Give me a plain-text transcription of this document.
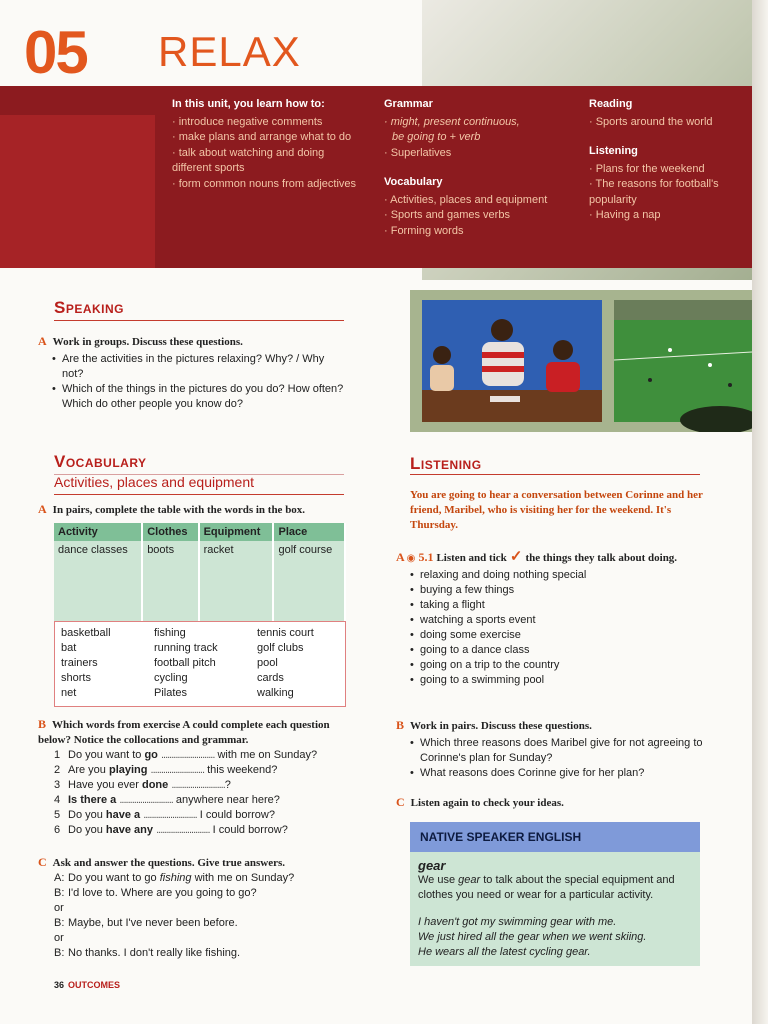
05 RELAX
In this unit, you learn how to:
· introduce negative comments
· make plans and arrange what to do
· talk about watching and doing different sports
· form common nouns from adjectives
Grammar
· might, present continuous,
be going to + verb
· Superlatives
Vocabulary
· Activities, places and equipment
· Sports and games verbs
· Forming words
Reading
· Sports around the world
Listening
· Plans for the weekend
· The reasons for football's popularity
· Having a nap
Speaking
A Work in groups. Discuss these questions.
• Are the activities in the pictures relaxing? Why? / Why not?
• Which of the things in the pictures do you do? How often? Which do other people you know do?
Vocabulary
Activities, places and equipment
A In pairs, complete the table with the words in the box.
Activity	Clothes	Equipment	Place
dance classes	boots	racket	golf course
basketball
bat
trainers
shorts
net
fishing
running track
football pitch
cycling
Pilates
tennis court
golf clubs
pool
cards
walking
B Which words from exercise A could complete each question below? Notice the collocations and grammar.
1 Do you want to go .......................... with me on Sunday?
2 Are you playing .......................... this weekend?
3 Have you ever done ..........................?
4 Is there a .......................... anywhere near here?
5 Do you have a .......................... I could borrow?
6 Do you have any .......................... I could borrow?
C Ask and answer the questions. Give true answers.
A: Do you want to go fishing with me on Sunday?
B: I'd love to. Where are you going to go?
or
B: Maybe, but I've never been before.
or
B: No thanks. I don't really like fishing.
Listening
You are going to hear a conversation between Corinne and her friend, Maribel, who is visiting her for the weekend. It's Thursday.
A ◉ 5.1 Listen and tick ✓ the things they talk about doing.
• relaxing and doing nothing special
• buying a few things
• taking a flight
• watching a sports event
• doing some exercise
• going to a dance class
• going on a trip to the country
• going to a swimming pool
B Work in pairs. Discuss these questions.
• Which three reasons does Maribel give for not agreeing to Corinne's plan for Sunday?
• What reasons does Corinne give for her plan?
C Listen again to check your ideas.
NATIVE SPEAKER ENGLISH
gear
We use gear to talk about the special equipment and clothes you need or wear for a particular activity.
I haven't got my swimming gear with me.
We just hired all the gear when we went skiing.
He wears all the latest cycling gear.
36 OUTCOMES
